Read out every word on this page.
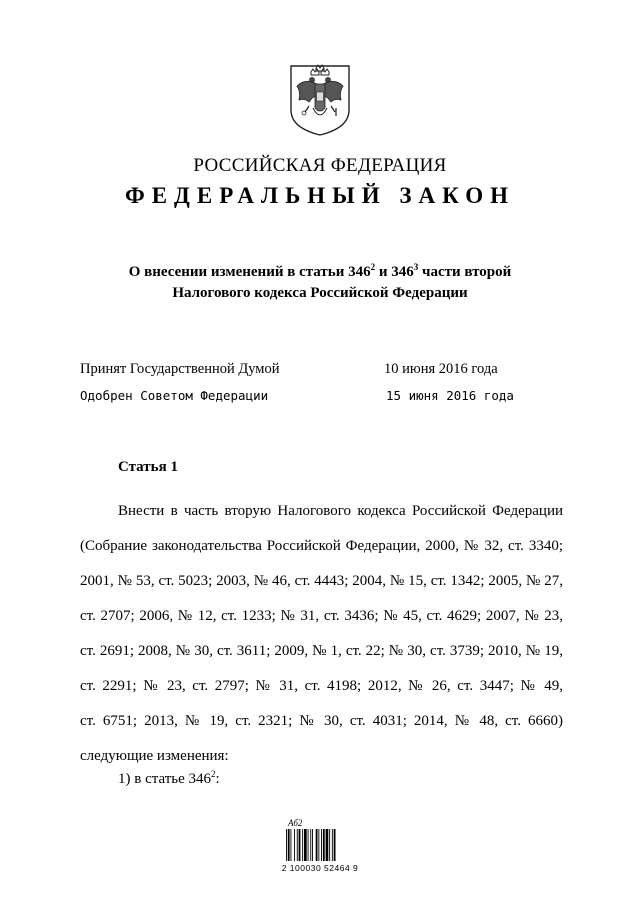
РОССИЙСКАЯ ФЕДЕРАЦИЯ
ФЕДЕРАЛЬНЫЙ ЗАКОН
О внесении изменений в статьи $346^2$ и $346^3$ части второй
Налогового кодекса Российской Федерации
Принят Государственной Думой	10 июня 2016 года
Одобрен Советом Федерации	15 июня 2016 года
Статья 1
Внести в часть вторую Налогового кодекса Российской Федерации
(Собрание законодательства Российской Федерации, 2000, № 32, ст. 3340;
2001, № 53, ст. 5023; 2003, № 46, ст. 4443; 2004, № 15, ст. 1342; 2005, № 27,
ст. 2707; 2006, № 12, ст. 1233; № 31, ст. 3436; № 45, ст. 4629; 2007, № 23,
ст. 2691; 2008, № 30, ст. 3611; 2009, № 1, ст. 22; № 30, ст. 3739; 2010, № 19,
ст. 2291; № 23, ст. 2797; № 31, ст. 4198; 2012, № 26, ст. 3447; № 49,
ст. 6751; 2013, № 19, ст. 2321; № 30, ст. 4031; 2014, № 48, ст. 6660)
следующие изменения:
1) в статье $346^2$:
Аб2
2 100030 52464 9
